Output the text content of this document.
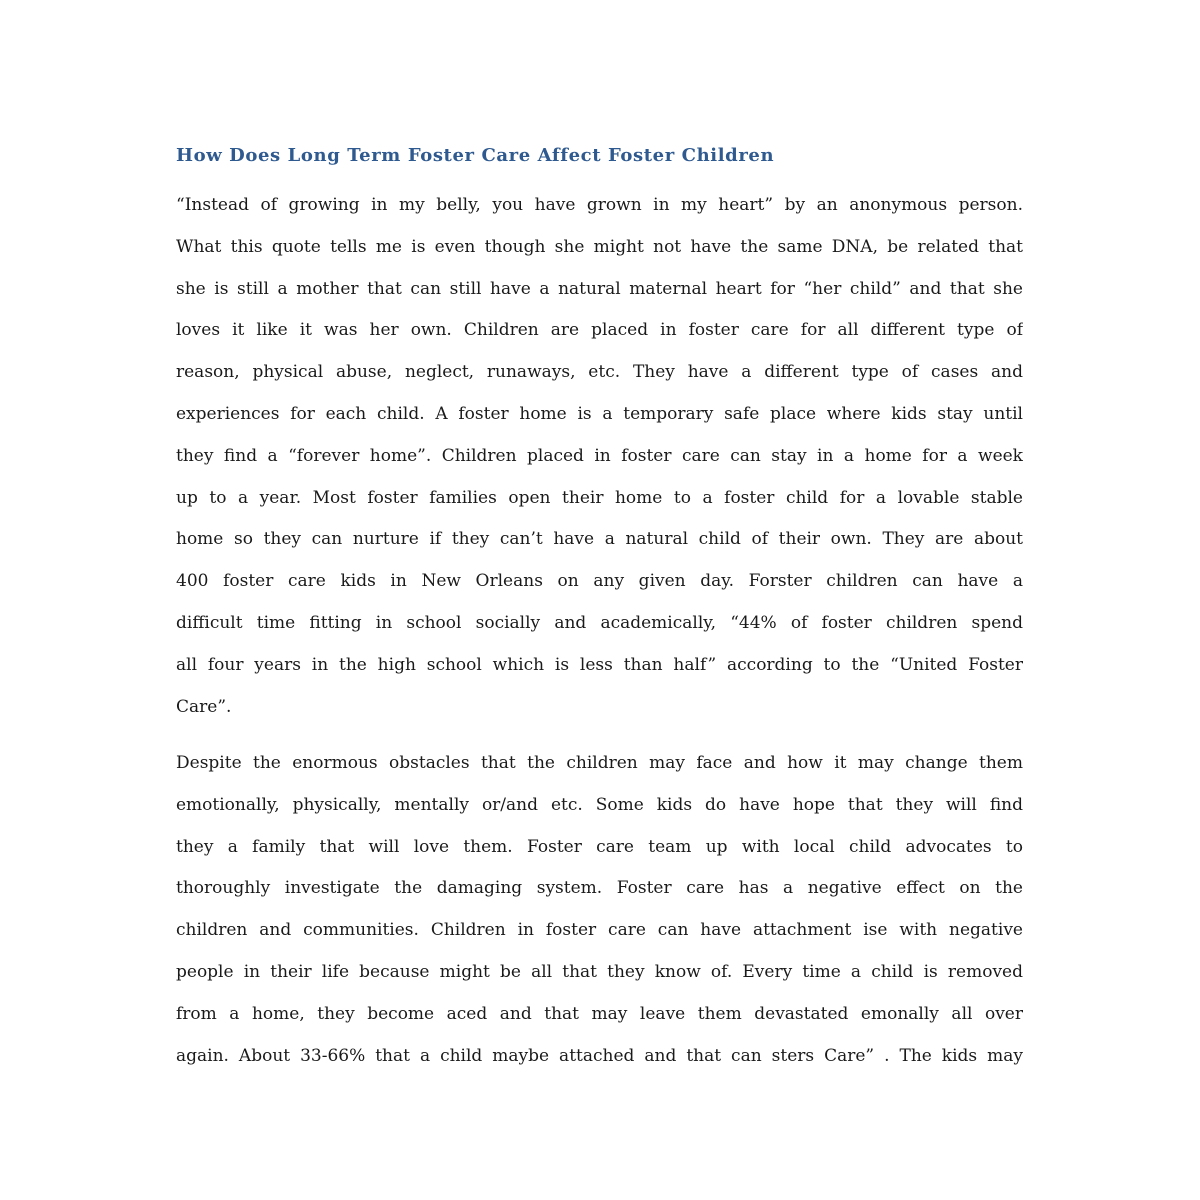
How Does Long Term Foster Care Affect Foster Children
“Instead of growing in my belly, you have grown in my heart” by an anonymous person.
What this quote tells me is even though she might not have the same DNA, be related that
she is still a mother that can still have a natural maternal heart for “her child” and that she
loves it like it was her own. Children are placed in foster care for all different type of
reason, physical abuse, neglect, runaways, etc. They have a different type of cases and
experiences for each child. A foster home is a temporary safe place where kids stay until
they find a “forever home”. Children placed in foster care can stay in a home for a week
up to a year. Most foster families open their home to a foster child for a lovable stable
home so they can nurture if they can’t have a natural child of their own. They are about
400 foster care kids in New Orleans on any given day. Forster children can have a
difficult time fitting in school socially and academically, “44% of foster children spend
all four years in the high school which is less than half” according to the “United Foster
Care”.
Despite the enormous obstacles that the children may face and how it may change them
emotionally, physically, mentally or/and etc. Some kids do have hope that they will find
they a family that will love them. Foster care team up with local child advocates to
thoroughly investigate the damaging system. Foster care has a negative effect on the
children and communities. Children in foster care can have attachment ise with negative
people in their life because might be all that they know of. Every time a child is removed
from a home, they become aced and that may leave them devastated emonally all over
again. About 33-66% that a child maybe attached and that can sters Care” . The kids may
